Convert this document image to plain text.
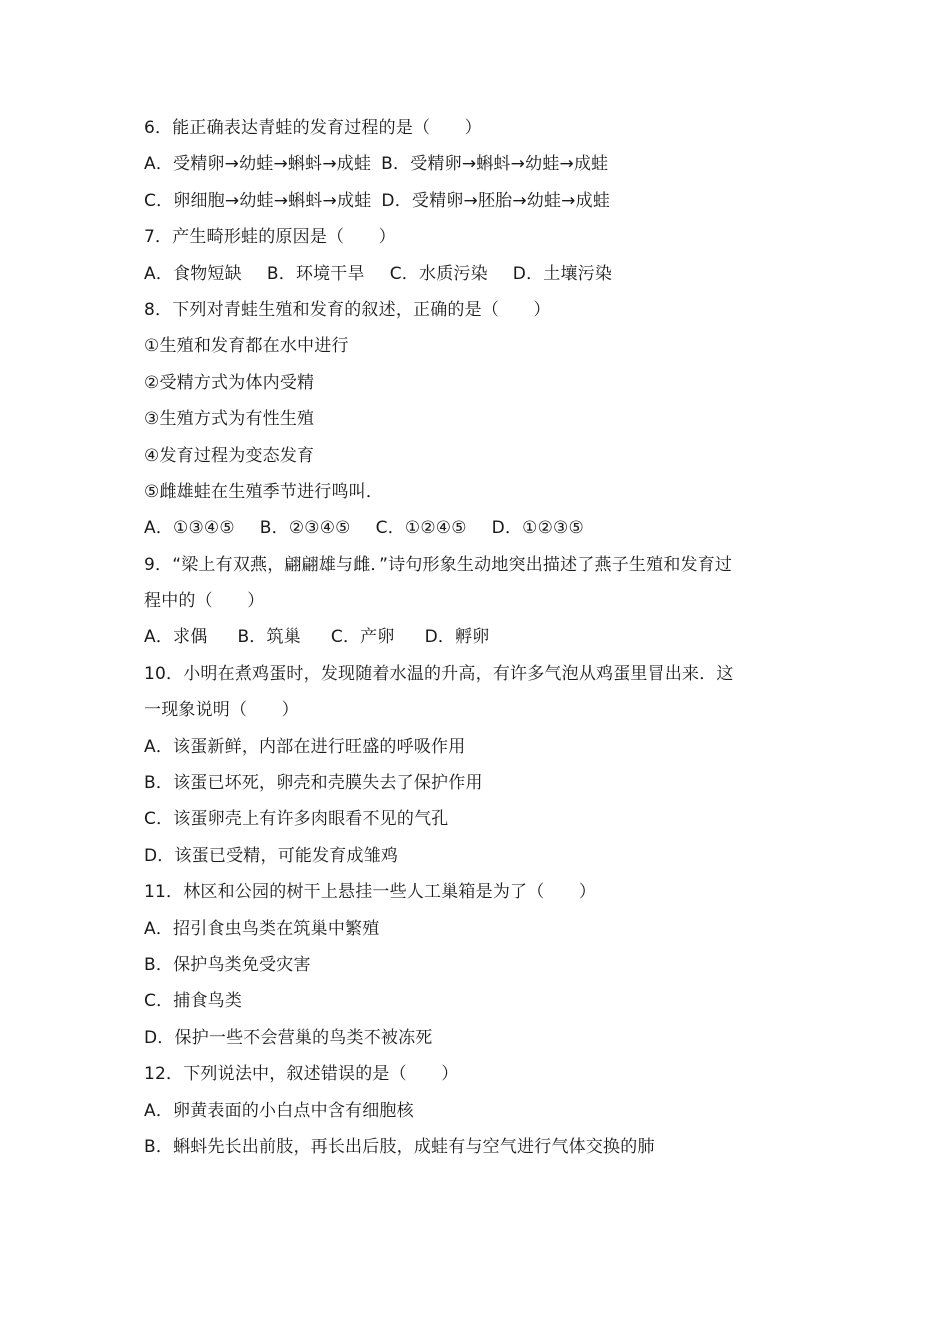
6．能正确表达青蛙的发育过程的是（　　）
A．受精卵→幼蛙→蝌蚪→成蛙 B．受精卵→蝌蚪→幼蛙→成蛙
C．卵细胞→幼蛙→蝌蚪→成蛙 D．受精卵→胚胎→幼蛙→成蛙
7．产生畸形蛙的原因是（　　）
A．食物短缺 B．环境干旱 C．水质污染 D．土壤污染
8．下列对青蛙生殖和发育的叙述，正确的是（　　）
①生殖和发育都在水中进行
②受精方式为体内受精
③生殖方式为有性生殖
④发育过程为变态发育
⑤雌雄蛙在生殖季节进行鸣叫．
A．①③④⑤ B．②③④⑤ C．①②④⑤ D．①②③⑤
9．“梁上有双燕，翩翩雄与雌．”诗句形象生动地突出描述了燕子生殖和发育过
程中的（　　）
A．求偶 B．筑巢 C．产卵 D．孵卵
10．小明在煮鸡蛋时，发现随着水温的升高，有许多气泡从鸡蛋里冒出来．这
一现象说明（　　）
A．该蛋新鲜，内部在进行旺盛的呼吸作用
B．该蛋已坏死，卵壳和壳膜失去了保护作用
C．该蛋卵壳上有许多肉眼看不见的气孔
D．该蛋已受精，可能发育成雏鸡
11．林区和公园的树干上悬挂一些人工巢箱是为了（　　）
A．招引食虫鸟类在筑巢中繁殖
B．保护鸟类免受灾害
C．捕食鸟类
D．保护一些不会营巢的鸟类不被冻死
12．下列说法中，叙述错误的是（　　）
A．卵黄表面的小白点中含有细胞核
B．蝌蚪先长出前肢，再长出后肢，成蛙有与空气进行气体交换的肺
